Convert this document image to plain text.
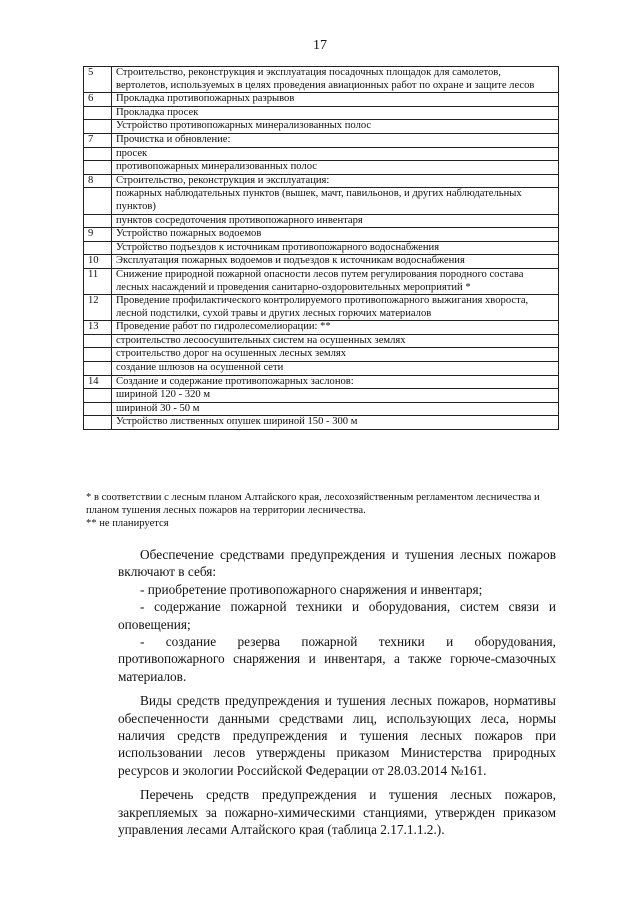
17
5	Строительство, реконструкция и эксплуатация посадочных площадок для самолетов, вертолетов, используемых в целях проведения авиационных работ по охране и защите лесов
6	Прокладка противопожарных разрывов
	Прокладка просек
	Устройство противопожарных минерализованных полос
7	Прочистка и обновление:
	просек
	противопожарных минерализованных полос
8	Строительство, реконструкция и эксплуатация:
	пожарных наблюдательных пунктов (вышек, мачт, павильонов, и других наблюдательных пунктов)
	пунктов сосредоточения противопожарного инвентаря
9	Устройство пожарных водоемов
	Устройство подъездов к источникам противопожарного водоснабжения
10	Эксплуатация пожарных водоемов и подъездов к источникам водоснабжения
11	Снижение природной пожарной опасности лесов путем регулирования породного состава лесных насаждений и проведения санитарно-оздоровительных мероприятий *
12	Проведение профилактического контролируемого противопожарного выжигания хвороста, лесной подстилки, сухой травы и других лесных горючих материалов
13	Проведение работ по гидролесомелиорации: **
	строительство лесоосушительных систем на осушенных землях
	строительство дорог на осушенных лесных землях
	создание шлюзов на осушенной сети
14	Создание и содержание противопожарных заслонов:
	шириной 120 - 320 м
	шириной 30 - 50 м
	Устройство лиственных опушек шириной 150 - 300 м

* в соответствии с лесным планом Алтайского края, лесохозяйственным регламентом лесничества и планом тушения лесных пожаров на территории лесничества.

** не планируется

Обеспечение средствами предупреждения и тушения лесных пожаров включают в себя:

- приобретение противопожарного снаряжения и инвентаря;

- содержание пожарной техники и оборудования, систем связи и оповещения;

- создание резерва пожарной техники и оборудования, противопожарного снаряжения и инвентаря, а также горюче-смазочных материалов.

Виды средств предупреждения и тушения лесных пожаров, нормативы обеспеченности данными средствами лиц, использующих леса, нормы наличия средств предупреждения и тушения лесных пожаров при использовании лесов утверждены приказом Министерства природных ресурсов и экологии Российской Федерации от 28.03.2014 №161.

Перечень средств предупреждения и тушения лесных пожаров, закрепляемых за пожарно-химическими станциями, утвержден приказом управления лесами Алтайского края (таблица 2.17.1.1.2.).
